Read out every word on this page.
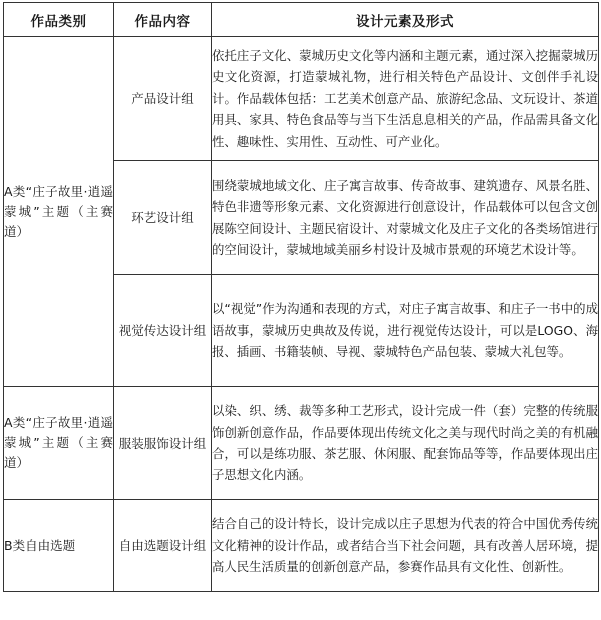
作品类别	作品内容	设计元素及形式
A类“庄子故里·逍遥蒙城”主题（主赛道）	产品设计组	依托庄子文化、蒙城历史文化等内涵和主题元素，通过深入挖掘蒙城历史文化资源，打造蒙城礼物，进行相关特色产品设计、文创伴手礼设计。作品载体包括：工艺美术创意产品、旅游纪念品、文玩设计、茶道用具、家具、特色食品等与当下生活息息相关的产品，作品需具备文化性、趣味性、实用性、互动性、可产业化。
	环艺设计组	围绕蒙城地域文化、庄子寓言故事、传奇故事、建筑遗存、风景名胜、特色非遗等形象元素、文化资源进行创意设计，作品载体可以包含文创展陈空间设计、主题民宿设计、对蒙城文化及庄子文化的各类场馆进行的空间设计，蒙城地域美丽乡村设计及城市景观的环境艺术设计等。
	视觉传达设计组	以“视觉”作为沟通和表现的方式，对庄子寓言故事、和庄子一书中的成语故事，蒙城历史典故及传说，进行视觉传达设计，可以是LOGO、海报、插画、书籍装帧、导视、蒙城特色产品包装、蒙城大礼包等。
A类“庄子故里·逍遥蒙城”主题（主赛道）	服装服饰设计组	以染、织、绣、裁等多种工艺形式，设计完成一件（套）完整的传统服饰创新创意作品，作品要体现出传统文化之美与现代时尚之美的有机融合，可以是练功服、茶艺服、休闲服、配套饰品等等，作品要体现出庄子思想文化内涵。
B类自由选题	自由选题设计组	结合自己的设计特长，设计完成以庄子思想为代表的符合中国优秀传统文化精神的设计作品，或者结合当下社会问题，具有改善人居环境，提高人民生活质量的创新创意产品，参赛作品具有文化性、创新性。
